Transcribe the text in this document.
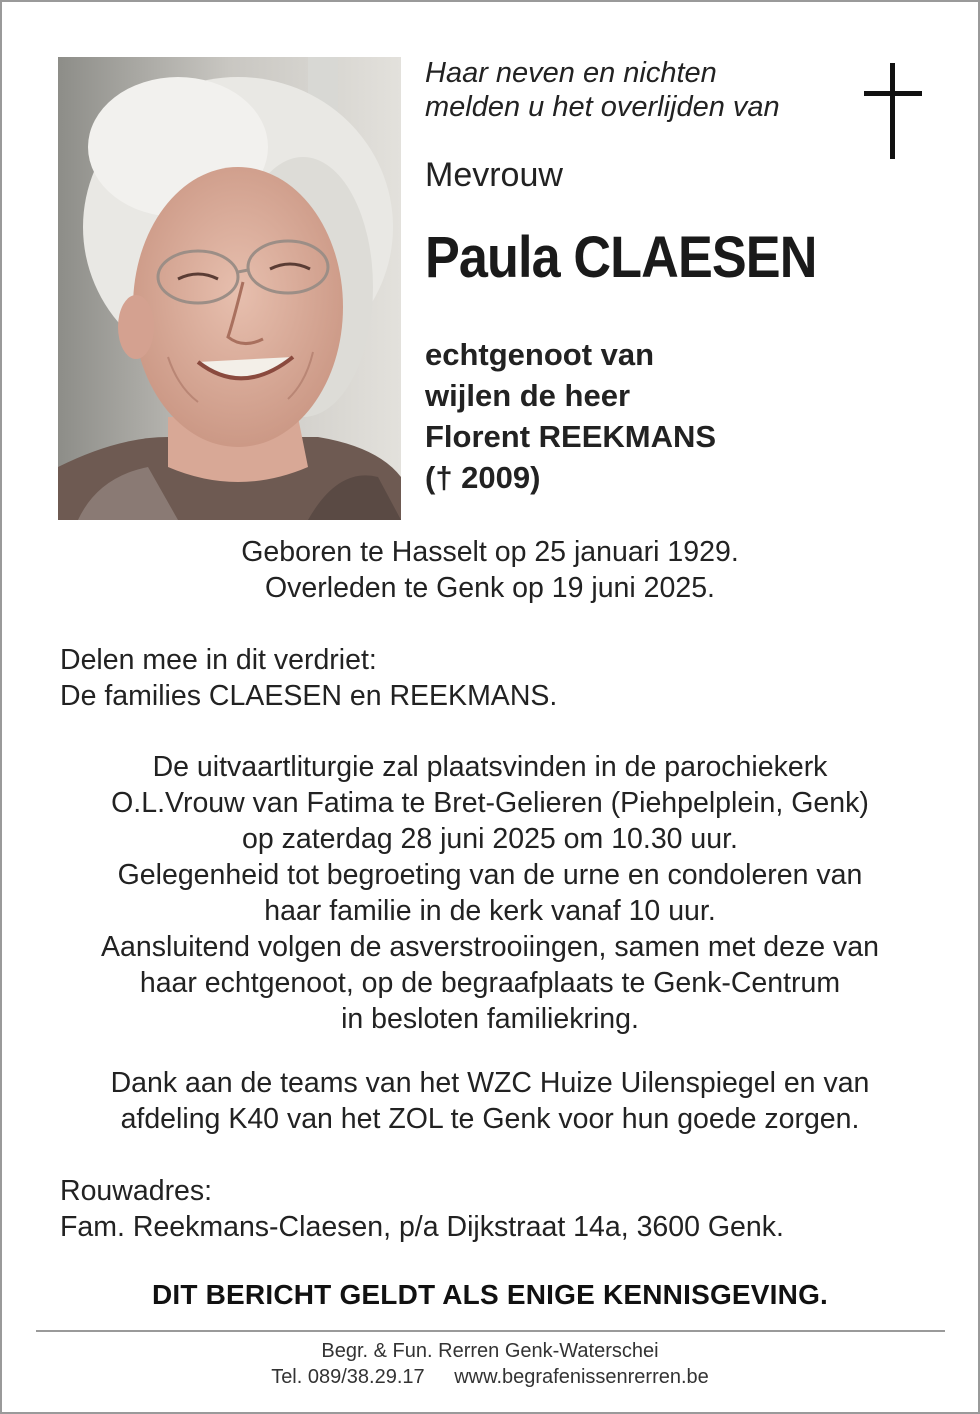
Haar neven en nichten
melden u het overlijden van
Mevrouw
Paula CLAESEN
echtgenoot van
wijlen de heer
Florent REEKMANS
(† 2009)
Geboren te Hasselt op 25 januari 1929.
Overleden te Genk op 19 juni 2025.
Delen mee in dit verdriet:
De families CLAESEN en REEKMANS.
De uitvaartliturgie zal plaatsvinden in de parochiekerk
O.L.Vrouw van Fatima te Bret-Gelieren (Piehpelplein, Genk)
op zaterdag 28 juni 2025 om 10.30 uur.
Gelegenheid tot begroeting van de urne en condoleren van
haar familie in de kerk vanaf 10 uur.
Aansluitend volgen de asverstrooiingen, samen met deze van
haar echtgenoot, op de begraafplaats te Genk-Centrum
in besloten familiekring.
Dank aan de teams van het WZC Huize Uilenspiegel en van
afdeling K40 van het ZOL te Genk voor hun goede zorgen.
Rouwadres:
Fam. Reekmans-Claesen, p/a Dijkstraat 14a, 3600 Genk.
DIT BERICHT GELDT ALS ENIGE KENNISGEVING.
Begr. & Fun. Rerren Genk-Waterschei
Tel. 089/38.29.17 www.begrafenissenrerren.be
